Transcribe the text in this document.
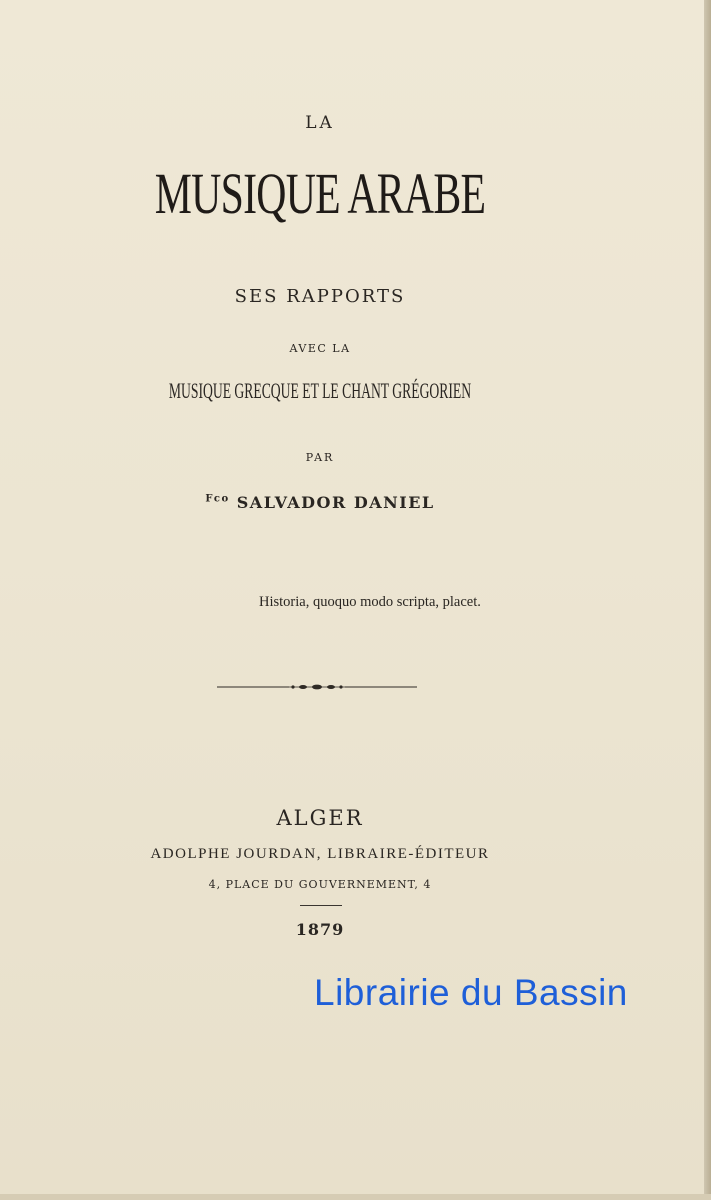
LA
MUSIQUE ARABE
SES RAPPORTS
AVEC LA
MUSIQUE GRECQUE ET LE CHANT GRÉGORIEN
PAR
$^{Fco}$ SALVADOR DANIEL
Historia, quoquo modo scripta, placet.
ALGER
ADOLPHE JOURDAN, LIBRAIRE-ÉDITEUR
4, PLACE DU GOUVERNEMENT, 4
1879
Librairie du Bassin
